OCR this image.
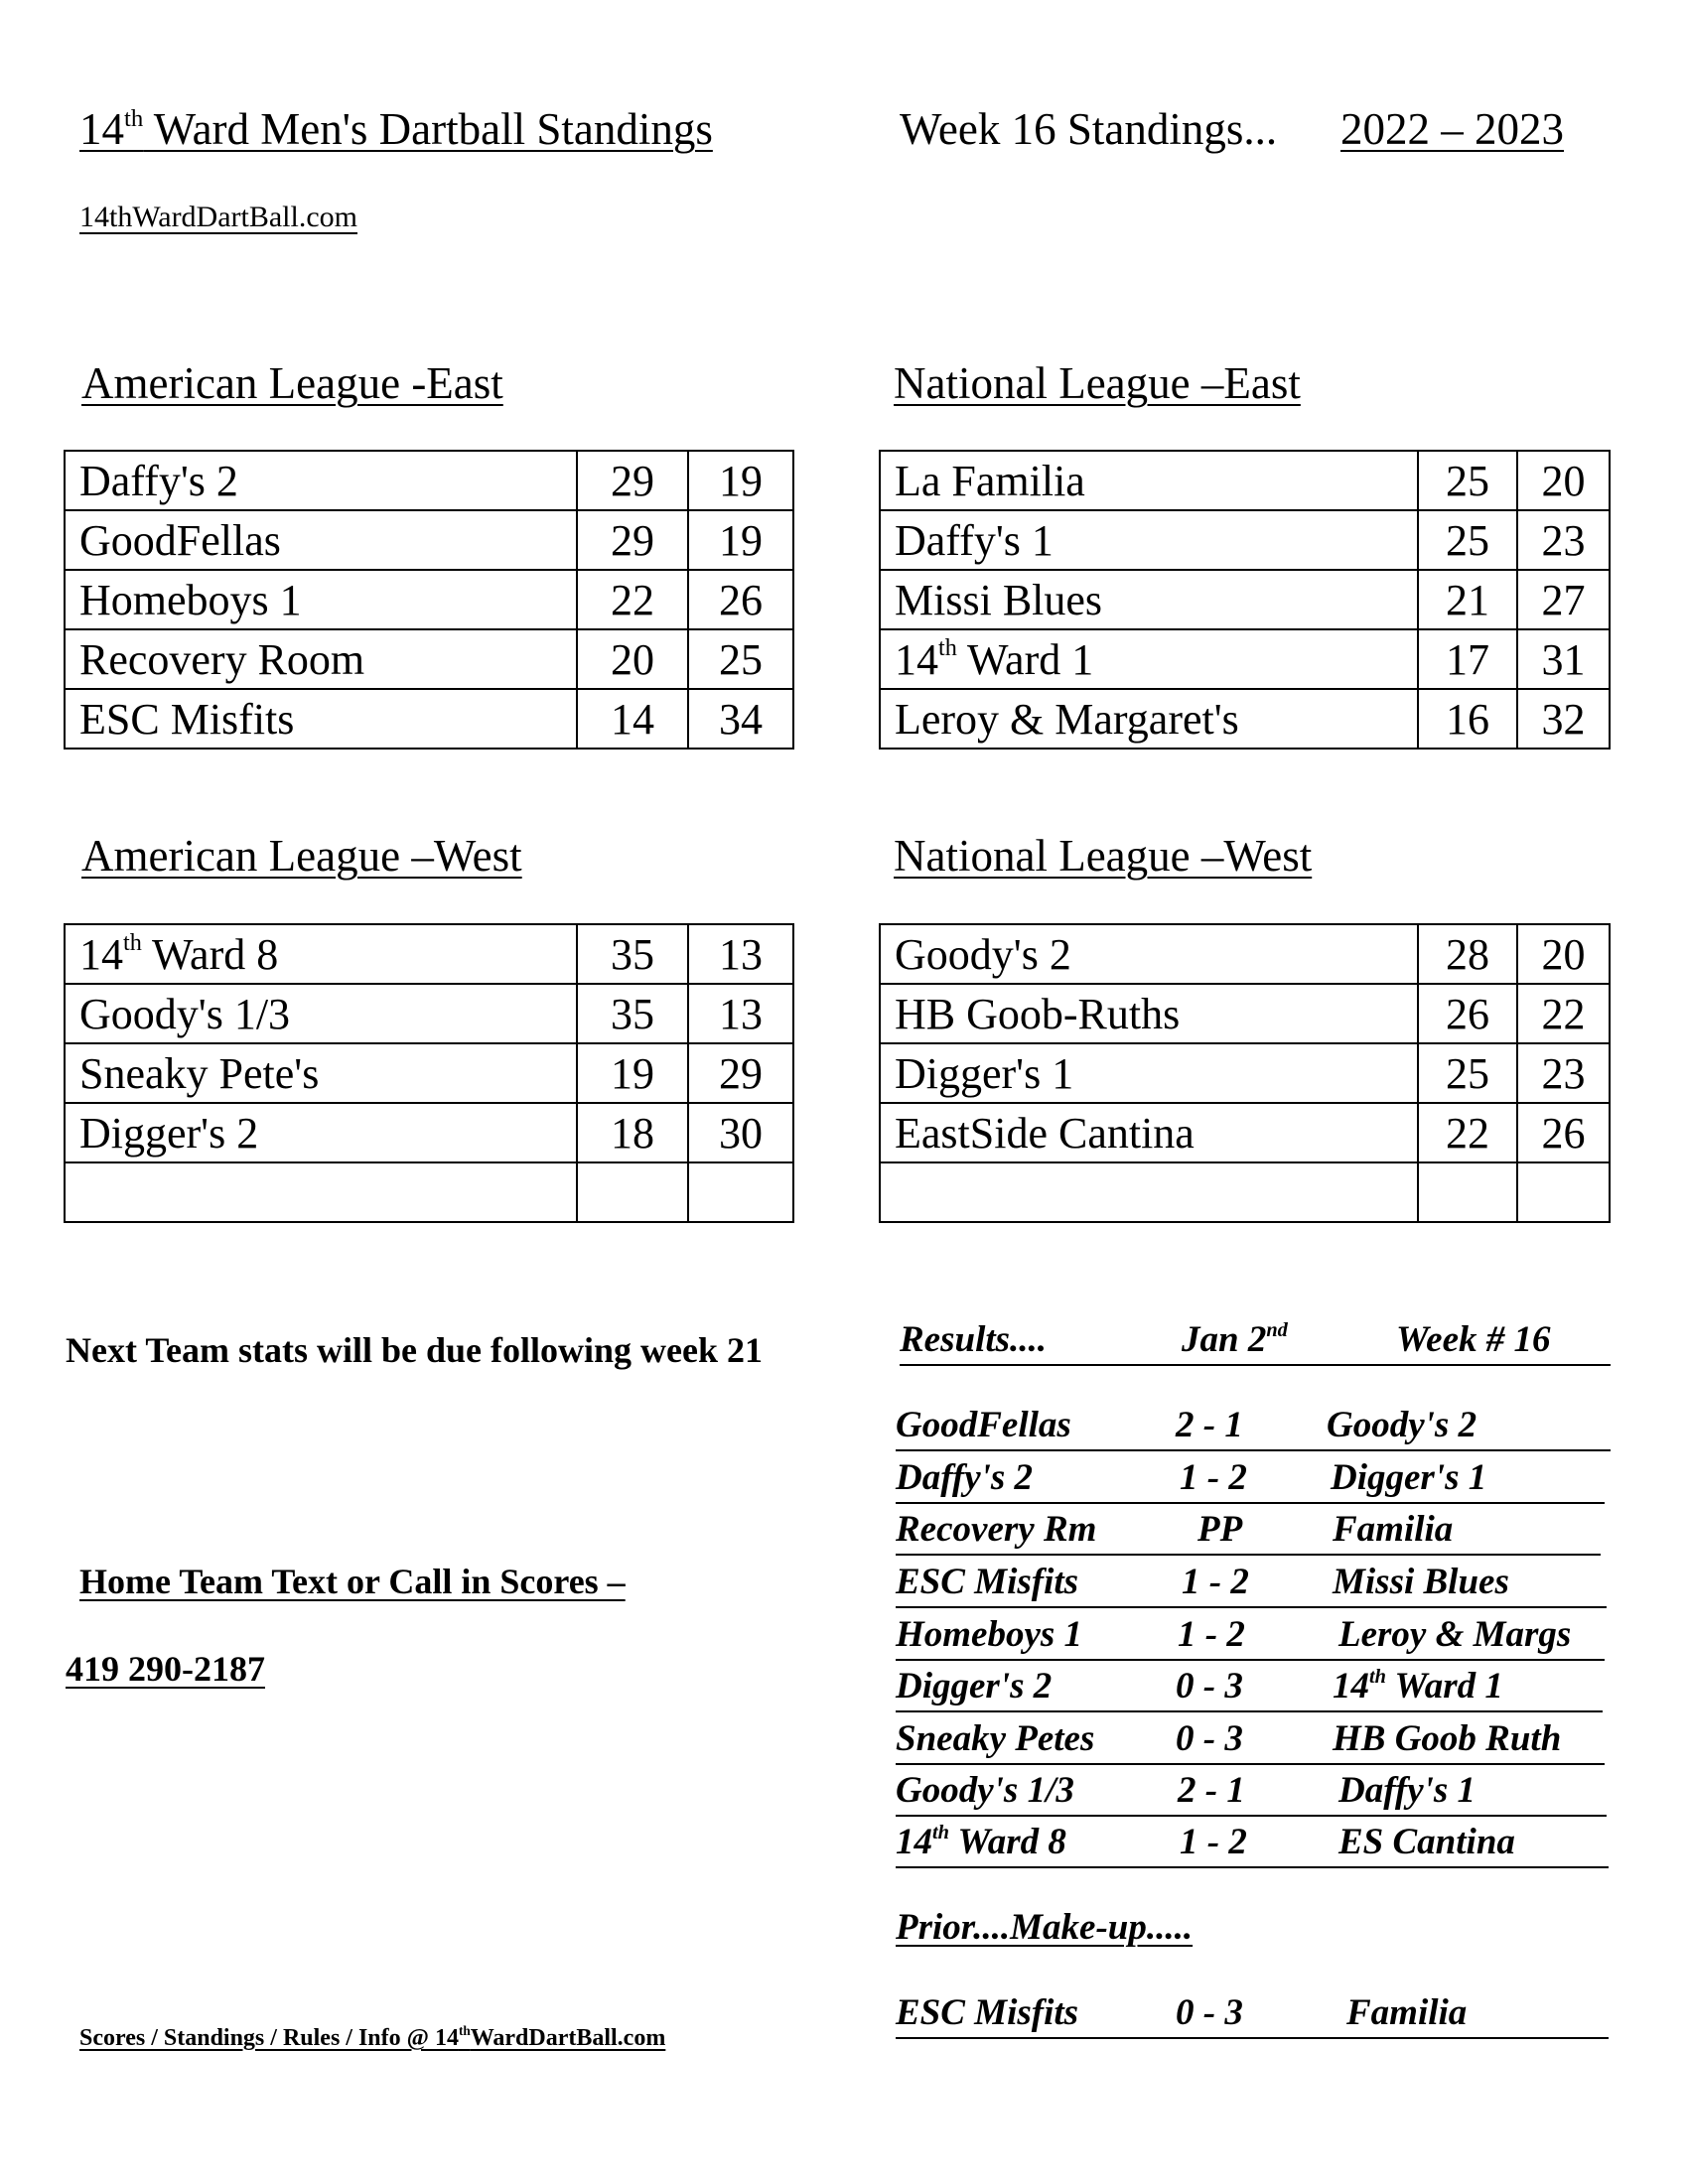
14th Ward Men's Dartball Standings	Week 16 Standings... 2022 – 2023
14thWardDartBall.com
American League -East
Daffy's 2	29	19
GoodFellas	29	19
Homeboys 1	22	26
Recovery Room	20	25
ESC Misfits	14	34
National League –East
La Familia	25	20
Daffy's 1	25	23
Missi Blues	21	27
14th Ward 1	17	31
Leroy & Margaret's	16	32
American League –West
14th Ward 8	35	13
Goody's 1/3	35	13
Sneaky Pete's	19	29
Digger's 2	18	30

National League –West
Goody's 2	28	20
HB Goob-Ruths	26	22
Digger's 1	25	23
EastSide Cantina	22	26

Next Team stats will be due following week 21
Home Team Text or Call in Scores –
419 290-2187
Results....	Jan 2nd	Week # 16
GoodFellas	2 - 1 Goody's 2
Daffy's 2	1 - 2 Digger's 1
Recovery Rm	PP Familia
ESC Misfits	1 - 2 Missi Blues
Homeboys 1	1 - 2	Leroy & Margs
Digger's 2	0 - 3 14th Ward 1
Sneaky Petes 0 - 3 HB Goob Ruth
Goody's 1/3	2 - 1	Daffy's 1
14th Ward 8	1 - 2 ES Cantina
Prior....Make-up.....
ESC Misfits	0 - 3	Familia
Scores / Standings / Rules / Info @ 14thWardDartBall.com
